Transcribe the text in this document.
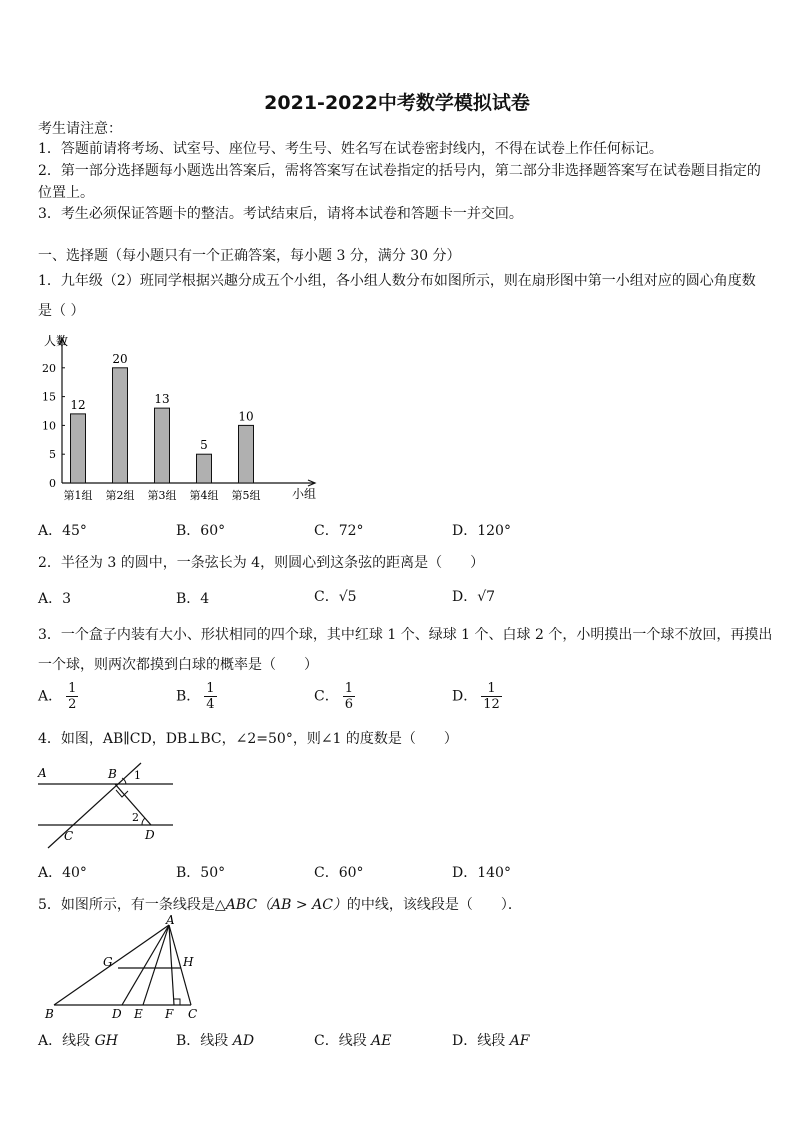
2021-2022中考数学模拟试卷
考生请注意：
1．答题前请将考场、试室号、座位号、考生号、姓名写在试卷密封线内，不得在试卷上作任何标记。
2．第一部分选择题每小题选出答案后，需将答案写在试卷指定的括号内，第二部分非选择题答案写在试卷题目指定的
位置上。
3．考生必须保证答题卡的整洁。考试结束后，请将本试卷和答题卡一并交回。
一、选择题（每小题只有一个正确答案，每小题 3 分，满分 30 分）
1．九年级（2）班同学根据兴趣分成五个小组，各小组人数分布如图所示，则在扇形图中第一小组对应的圆心角度数
是（ ）
人数
小组
0
5
10
15
20
12
第1组
20
第2组
13
第3组
5
第4组
10
第5组
A．45°	B．60°	C．72°	D．120°
2．半径为 3 的圆中，一条弦长为 4，则圆心到这条弦的距离是（　　）
A．3	B．4	C．√5	D．√7
3．一个盒子内装有大小、形状相同的四个球，其中红球 1 个、绿球 1 个、白球 2 个，小明摸出一个球不放回，再摸出
一个球，则两次都摸到白球的概率是（　　）
A． $\frac{1}{2}$	B． $\frac{1}{4}$	C． $\frac{1}{6}$	D． $\frac{1}{12}$
4．如图，AB∥CD，DB⊥BC，∠2=50°，则∠1 的度数是（　　）
A	B 1
2
C	D
A．40°	B．50°	C．60°	D．140°
5．如图所示，有一条线段是△ABC（AB > AC）的中线，该线段是（　　）．
A
G	H
B	D E F C
A．线段 GH	B．线段 AD	C．线段 AE	D．线段 AF
